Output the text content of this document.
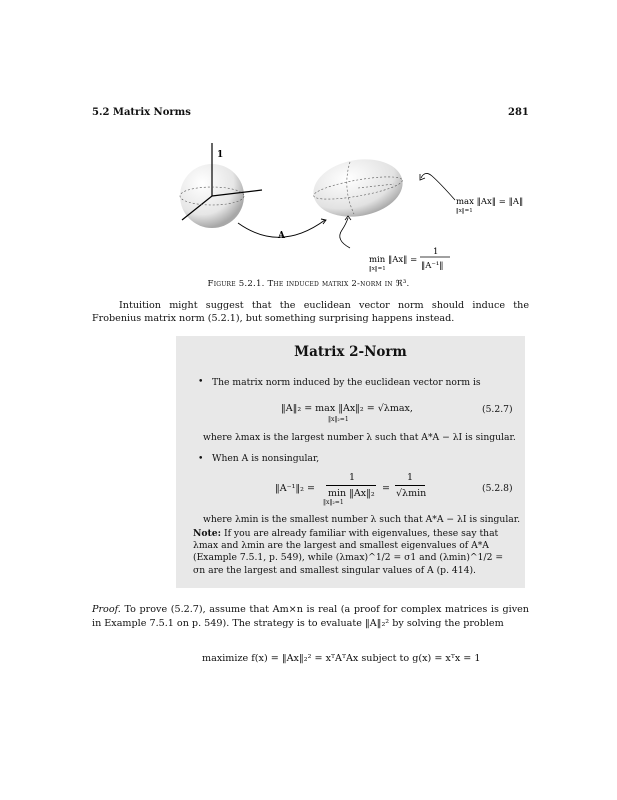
5.2 Matrix Norms	281
1
A
max ‖Ax‖ = ‖A‖
‖x‖=1
min ‖Ax‖ =
‖x‖=1
1
‖A⁻¹‖
Figure 5.2.1. The induced matrix 2-norm in ℜ³.
Intuition might suggest that the euclidean vector norm should induce the Frobenius matrix norm (5.2.1), but something surprising happens instead.
Matrix 2-Norm
• The matrix norm induced by the euclidean vector norm is
‖A‖₂ = max ‖Ax‖₂ = √λmax,
‖x‖₂=1
(5.2.7)
where λmax is the largest number λ such that A*A − λI is singular.
• When A is nonsingular,
‖A⁻¹‖₂ =
1
min ‖Ax‖₂
‖x‖₂=1
=
1
√λmin	(5.2.8)
where λmin is the smallest number λ such that A*A − λI is singular.
Note: If you are already familiar with eigenvalues, these say that λmax and λmin are the largest and smallest eigenvalues of A*A (Example 7.5.1, p. 549), while (λmax)^1/2 = σ1 and (λmin)^1/2 = σn are the largest and smallest singular values of A (p. 414).
Proof. To prove (5.2.7), assume that Am×n is real (a proof for complex matrices is given in Example 7.5.1 on p. 549). The strategy is to evaluate ‖A‖₂² by solving the problem
maximize f(x) = ‖Ax‖₂² = xᵀAᵀAx subject to g(x) = xᵀx = 1
